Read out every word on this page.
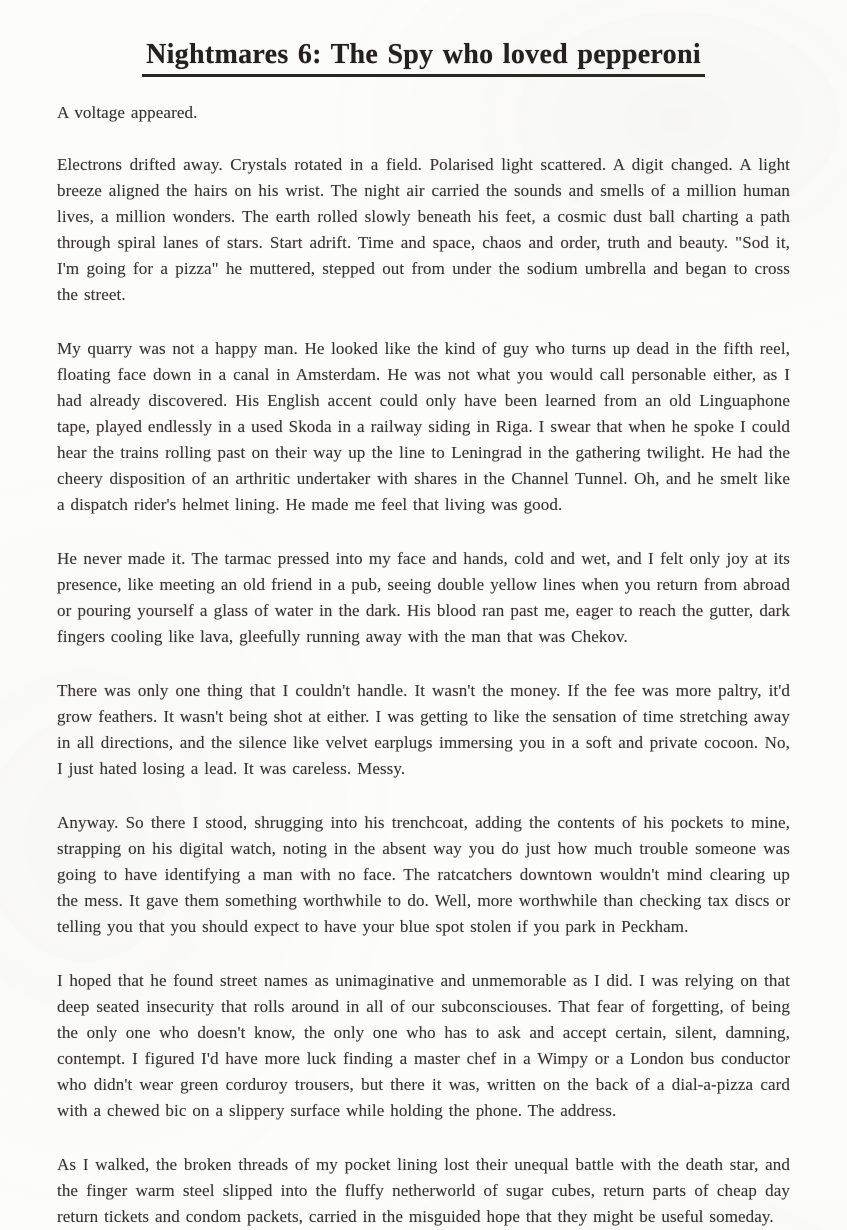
Nightmares 6: The Spy who loved pepperoni

A voltage appeared.

Electrons drifted away. Crystals rotated in a field. Polarised light scattered. A digit changed. A light breeze aligned the hairs on his wrist. The night air carried the sounds and smells of a million human lives, a million wonders. The earth rolled slowly beneath his feet, a cosmic dust ball charting a path through spiral lanes of stars. Start adrift. Time and space, chaos and order, truth and beauty. "Sod it, I'm going for a pizza" he muttered, stepped out from under the sodium umbrella and began to cross the street.

My quarry was not a happy man. He looked like the kind of guy who turns up dead in the fifth reel, floating face down in a canal in Amsterdam. He was not what you would call personable either, as I had already discovered. His English accent could only have been learned from an old Linguaphone tape, played endlessly in a used Skoda in a railway siding in Riga. I swear that when he spoke I could hear the trains rolling past on their way up the line to Leningrad in the gathering twilight. He had the cheery disposition of an arthritic undertaker with shares in the Channel Tunnel. Oh, and he smelt like a dispatch rider's helmet lining. He made me feel that living was good.

He never made it. The tarmac pressed into my face and hands, cold and wet, and I felt only joy at its presence, like meeting an old friend in a pub, seeing double yellow lines when you return from abroad or pouring yourself a glass of water in the dark. His blood ran past me, eager to reach the gutter, dark fingers cooling like lava, gleefully running away with the man that was Chekov.

There was only one thing that I couldn't handle. It wasn't the money. If the fee was more paltry, it'd grow feathers. It wasn't being shot at either. I was getting to like the sensation of time stretching away in all directions, and the silence like velvet earplugs immersing you in a soft and private cocoon. No, I just hated losing a lead. It was careless. Messy.

Anyway. So there I stood, shrugging into his trenchcoat, adding the contents of his pockets to mine, strapping on his digital watch, noting in the absent way you do just how much trouble someone was going to have identifying a man with no face. The ratcatchers downtown wouldn't mind clearing up the mess. It gave them something worthwhile to do. Well, more worthwhile than checking tax discs or telling you that you should expect to have your blue spot stolen if you park in Peckham.

I hoped that he found street names as unimaginative and unmemorable as I did. I was relying on that deep seated insecurity that rolls around in all of our subconsciouses. That fear of forgetting, of being the only one who doesn't know, the only one who has to ask and accept certain, silent, damning, contempt. I figured I'd have more luck finding a master chef in a Wimpy or a London bus conductor who didn't wear green corduroy trousers, but there it was, written on the back of a dial-a-pizza card with a chewed bic on a slippery surface while holding the phone. The address.

As I walked, the broken threads of my pocket lining lost their unequal battle with the death star, and the finger warm steel slipped into the fluffy netherworld of sugar cubes, return parts of cheap day return tickets and condom packets, carried in the misguided hope that they might be useful someday.
